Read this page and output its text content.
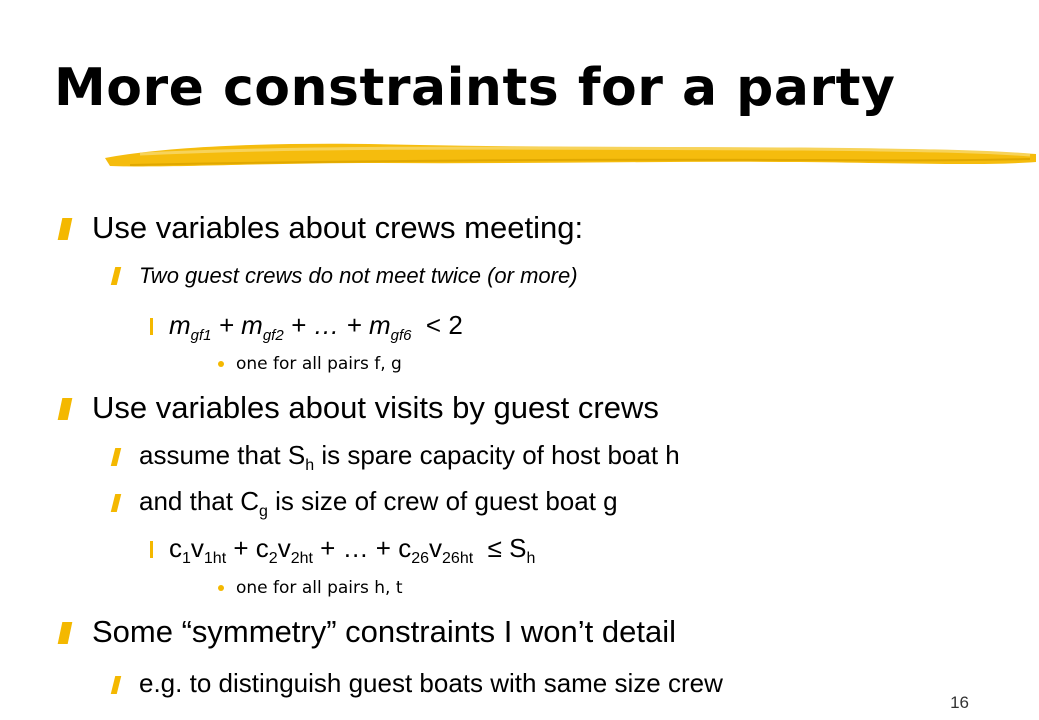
More constraints for a party
Use variables about crews meeting:
Two guest crews do not meet twice (or more)
$m_{gf1} + m_{gf2}$ + … + $m_{gf6} < 2$
one for all pairs f, g
Use variables about visits by guest crews
assume that $S_h$ is spare capacity of host boat h
and that $C_g$ is size of crew of guest boat g
$c_1v_{1ht} + c_2v_{2ht}$ + … + $c_{26}v_{26ht} \le S_h$
one for all pairs h, t
Some “symmetry” constraints I won’t detail
e.g. to distinguish guest boats with same size crew
16
